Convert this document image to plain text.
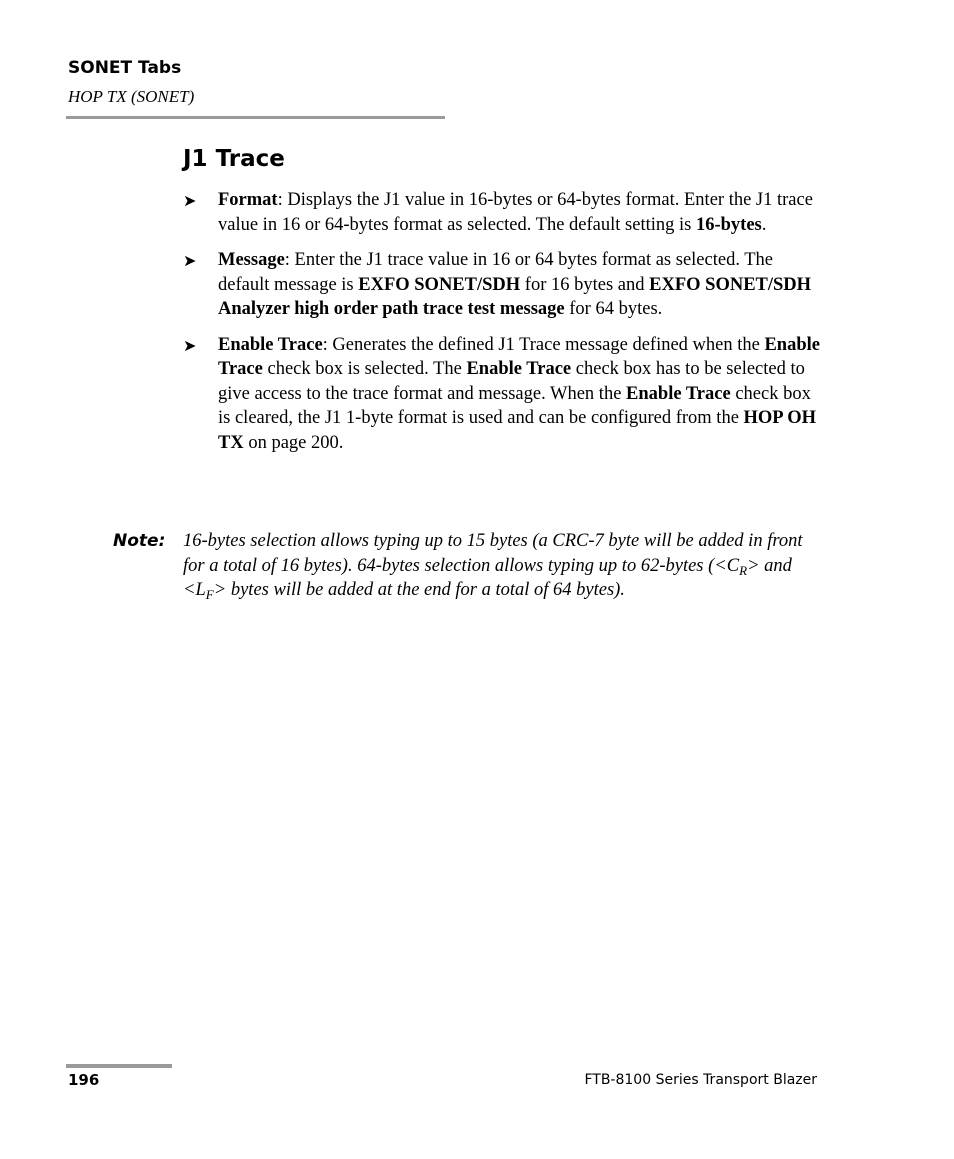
SONET Tabs
HOP TX (SONET)
J1 Trace
➤ Format: Displays the J1 value in 16-bytes or 64-bytes format. Enter the J1 trace value in 16 or 64-bytes format as selected. The default setting is 16-bytes.
➤ Message: Enter the J1 trace value in 16 or 64 bytes format as selected. The default message is EXFO SONET/SDH for 16 bytes and EXFO SONET/SDH Analyzer high order path trace test message for 64 bytes.
➤ Enable Trace: Generates the defined J1 Trace message defined when the Enable Trace check box is selected. The Enable Trace check box has to be selected to give access to the trace format and message. When the Enable Trace check box is cleared, the J1 1-byte format is used and can be configured from the HOP OH TX on page 200.
Note: 16-bytes selection allows typing up to 15 bytes (a CRC-7 byte will be added in front for a total of 16 bytes). 64-bytes selection allows typing up to 62-bytes ($<C_R>$ and $<L_F>$ bytes will be added at the end for a total of 64 bytes).
196	FTB-8100 Series Transport Blazer
